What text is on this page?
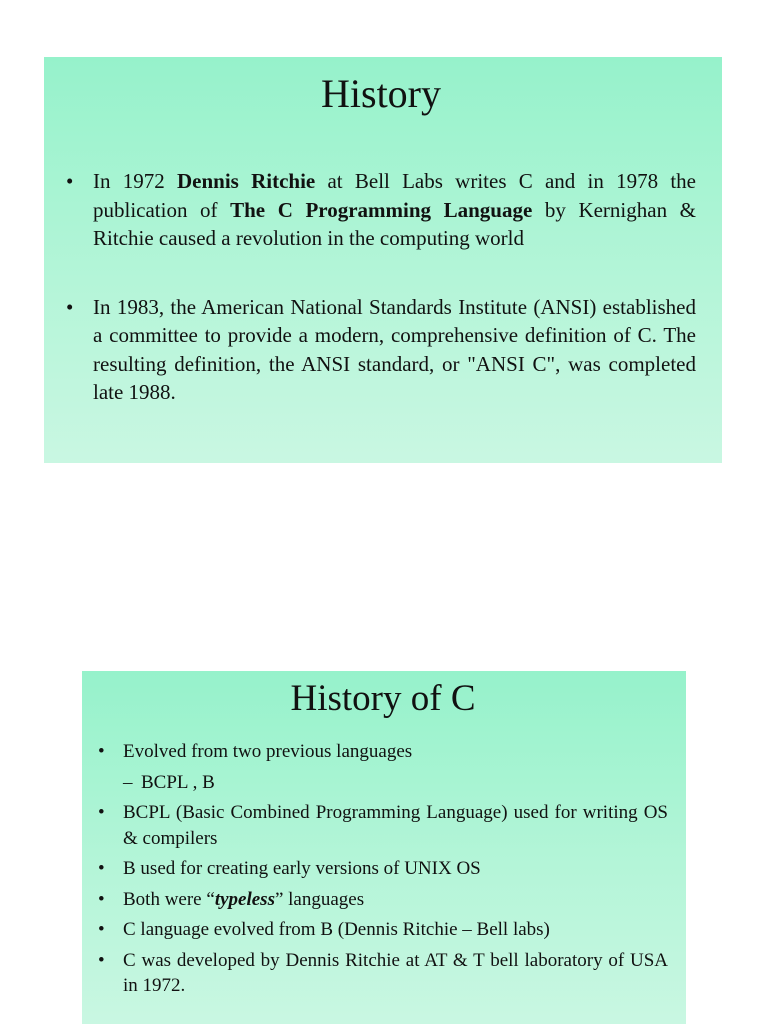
History
• In 1972 Dennis Ritchie at Bell Labs writes C and in 1978 the publication of The C Programming Language by Kernighan & Ritchie caused a revolution in the computing world
• In 1983, the American National Standards Institute (ANSI) established a committee to provide a modern, comprehensive definition of C. The resulting definition, the ANSI standard, or "ANSI C", was completed late 1988.
History of C
• Evolved from two previous languages
– BCPL , B
• BCPL (Basic Combined Programming Language) used for writing OS & compilers
• B used for creating early versions of UNIX OS
• Both were “typeless” languages
• C language evolved from B (Dennis Ritchie – Bell labs)
• C was developed by Dennis Ritchie at AT & T bell laboratory of USA in 1972.
